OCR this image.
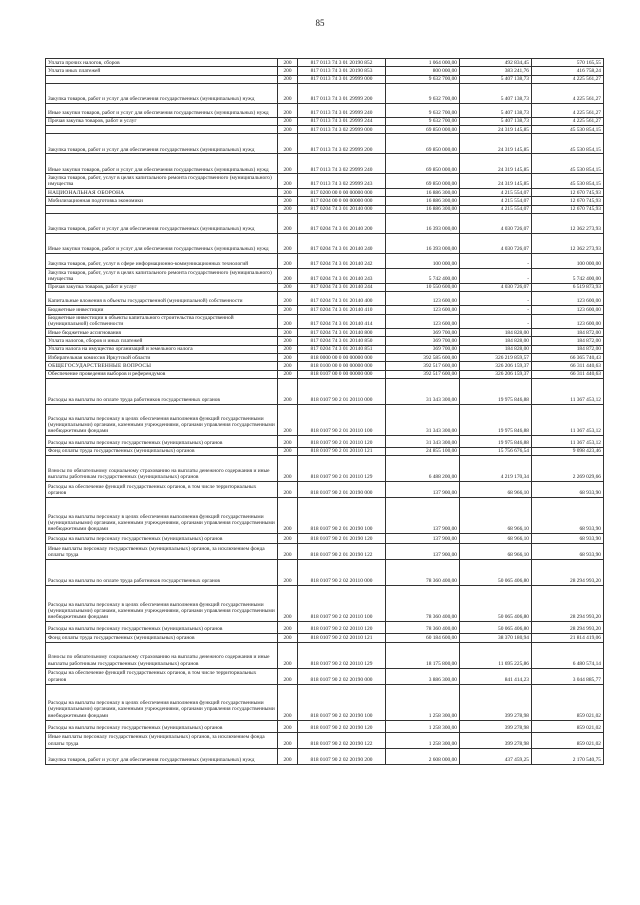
85
Уплата прочих налогов, сборов	200	817 0113 74 3 01 20190 852	1 064 000,00	492 834,45	570 165,55
Уплата иных платежей	200	817 0113 74 3 01 20190 853	800 000,00	383 241,76	416 758,24
	200	817 0113 74 3 01 29999 000	9 632 700,00	5 407 138,73	4 225 561,27
Закупка товаров, работ и услуг для обеспечения государственных (муниципальных) нужд	200	817 0113 74 3 01 29999 200	9 632 700,00	5 407 138,73	4 225 561,27
Иные закупки товаров, работ и услуг для обеспечения государственных (муниципальных) нужд	200	817 0113 74 3 01 29999 240	9 632 700,00	5 407 138,73	4 225 561,27
Прочая закупка товаров, работ и услуг	200	817 0113 74 3 01 29999 244	9 632 700,00	5 407 138,73	4 225 561,27
	200	817 0113 74 3 02 29999 000	69 850 000,00	24 319 145,85	45 530 854,15
Закупка товаров, работ и услуг для обеспечения государственных (муниципальных) нужд	200	817 0113 74 3 02 29999 200	69 850 000,00	24 319 145,85	45 530 854,15
Иные закупки товаров, работ и услуг для обеспечения государственных (муниципальных) нужд	200	817 0113 74 3 02 29999 240	69 850 000,00	24 319 145,85	45 530 854,15
Закупка товаров, работ, услуг в целях капитального ремонта государственного (муниципального) имущества	200	817 0113 74 3 02 29999 243	69 850 000,00	24 319 145,85	45 530 854,15
НАЦИОНАЛЬНАЯ ОБОРОНА	200	817 0200 00 0 00 00000 000	16 886 300,00	4 215 554,07	12 670 745,93
Мобилизационная подготовка экономики	200	817 0204 00 0 00 00000 000	16 886 300,00	4 215 554,07	12 670 745,93
	200	817 0204 74 3 01 20140 000	16 886 300,00	4 215 554,07	12 670 745,93
Закупка товаров, работ и услуг для обеспечения государственных (муниципальных) нужд	200	817 0204 74 3 01 20140 200	16 393 000,00	4 030 726,07	12 362 273,93
Иные закупки товаров, работ и услуг для обеспечения государственных (муниципальных) нужд	200	817 0204 74 3 01 20140 240	16 393 000,00	4 030 726,07	12 362 273,93
Закупка товаров, работ, услуг в сфере информационно-коммуникационных технологий	200	817 0204 74 3 01 20140 242	100 000,00	-	100 000,00
Закупка товаров, работ, услуг в целях капитального ремонта государственного (муниципального) имущества	200	817 0204 74 3 01 20140 243	5 742 400,00	-	5 742 400,00
Прочая закупка товаров, работ и услуг	200	817 0204 74 3 01 20140 244	10 550 600,00	4 030 726,07	6 519 873,93
Капитальные вложения в объекты государственной (муниципальной) собственности	200	817 0204 74 3 01 20140 400	123 600,00	-	123 600,00
Бюджетные инвестиции	200	817 0204 74 3 01 20140 410	123 600,00	-	123 600,00
Бюджетные инвестиции в объекты капитального строительства государственной (муниципальной) собственности	200	817 0204 74 3 01 20140 414	123 600,00	-	123 600,00
Иные бюджетные ассигнования	200	817 0204 74 3 01 20140 800	369 700,00	184 828,00	184 872,00
Уплата налогов, сборов и иных платежей	200	817 0204 74 3 01 20140 850	369 700,00	184 828,00	184 872,00
Уплата налога на имущество организаций и земельного налога	200	817 0204 74 3 01 20140 851	369 700,00	184 828,00	184 872,00
Избирательная комиссия Иркутской области	200	818 0000 00 0 00 00000 000	392 585 600,00	326 219 859,57	66 365 740,43
ОБЩЕГОСУДАРСТВЕННЫЕ ВОПРОСЫ	200	818 0100 00 0 00 00000 000	392 517 600,00	326 206 159,37	66 311 440,63
Обеспечение проведения выборов и референдумов	200	818 0107 00 0 00 00000 000	392 517 600,00	326 206 159,37	66 311 440,63
Расходы на выплаты по оплате труда работников государственных органов	200	818 0107 90 2 01 20110 000	31 343 300,00	19 975 846,88	11 367 453,12
Расходы на выплаты персоналу в целях обеспечения выполнения функций государственными (муниципальными) органами, казенными учреждениями, органами управления государственными внебюджетными фондами	200	818 0107 90 2 01 20110 100	31 343 300,00	19 975 846,88	11 367 453,12
Расходы на выплаты персоналу государственных (муниципальных) органов	200	818 0107 90 2 01 20110 120	31 343 300,00	19 975 846,88	11 367 453,12
Фонд оплаты труда государственных (муниципальных) органов	200	818 0107 90 2 01 20110 121	24 855 100,00	15 756 676,54	9 098 423,46
Взносы по обязательному социальному страхованию на выплаты денежного содержания и иные выплаты работникам государственных (муниципальных) органов	200	818 0107 90 2 01 20110 129	6 488 200,00	4 219 170,34	2 269 029,66
Расходы на обеспечение функций государственных органов, в том числе территориальных органов	200	818 0107 90 2 01 20190 000	137 900,00	68 966,10	68 933,90
Расходы на выплаты персоналу в целях обеспечения выполнения функций государственными (муниципальными) органами, казенными учреждениями, органами управления государственными внебюджетными фондами	200	818 0107 90 2 01 20190 100	137 900,00	68 966,10	68 933,90
Расходы на выплаты персоналу государственных (муниципальных) органов	200	818 0107 90 2 01 20190 120	137 900,00	68 966,10	68 933,90
Иные выплаты персоналу государственных (муниципальных) органов, за исключением фонда оплаты труда	200	818 0107 90 2 01 20190 122	137 900,00	68 966,10	68 933,90
Расходы на выплаты по оплате труда работников государственных органов	200	818 0107 90 2 02 20110 000	78 360 400,00	50 065 406,80	28 294 993,20
Расходы на выплаты персоналу в целях обеспечения выполнения функций государственными (муниципальными) органами, казенными учреждениями, органами управления государственными внебюджетными фондами	200	818 0107 90 2 02 20110 100	78 360 400,00	50 065 406,80	28 294 993,20
Расходы на выплаты персоналу государственных (муниципальных) органов	200	818 0107 90 2 02 20110 120	78 360 400,00	50 065 406,80	28 294 993,20
Фонд оплаты труда государственных (муниципальных) органов	200	818 0107 90 2 02 20110 121	60 184 600,00	38 370 180,94	21 814 419,06
Взносы по обязательному социальному страхованию на выплаты денежного содержания и иные выплаты работникам государственных (муниципальных) органов	200	818 0107 90 2 02 20110 129	18 175 800,00	11 695 225,86	6 480 574,14
Расходы на обеспечение функций государственных органов, в том числе территориальных органов	200	818 0107 90 2 02 20190 000	3 886 300,00	841 414,23	3 044 885,77
Расходы на выплаты персоналу в целях обеспечения выполнения функций государственными (муниципальными) органами, казенными учреждениями, органами управления государственными внебюджетными фондами	200	818 0107 90 2 02 20190 100	1 258 300,00	399 278,98	859 021,02
Расходы на выплаты персоналу государственных (муниципальных) органов	200	818 0107 90 2 02 20190 120	1 258 300,00	399 278,98	859 021,02
Иные выплаты персоналу государственных (муниципальных) органов, за исключением фонда оплаты труда	200	818 0107 90 2 02 20190 122	1 258 300,00	399 278,98	859 021,02
Закупка товаров, работ и услуг для обеспечения государственных (муниципальных) нужд	200	818 0107 90 2 02 20190 200	2 608 000,00	437 459,25	2 170 540,75
